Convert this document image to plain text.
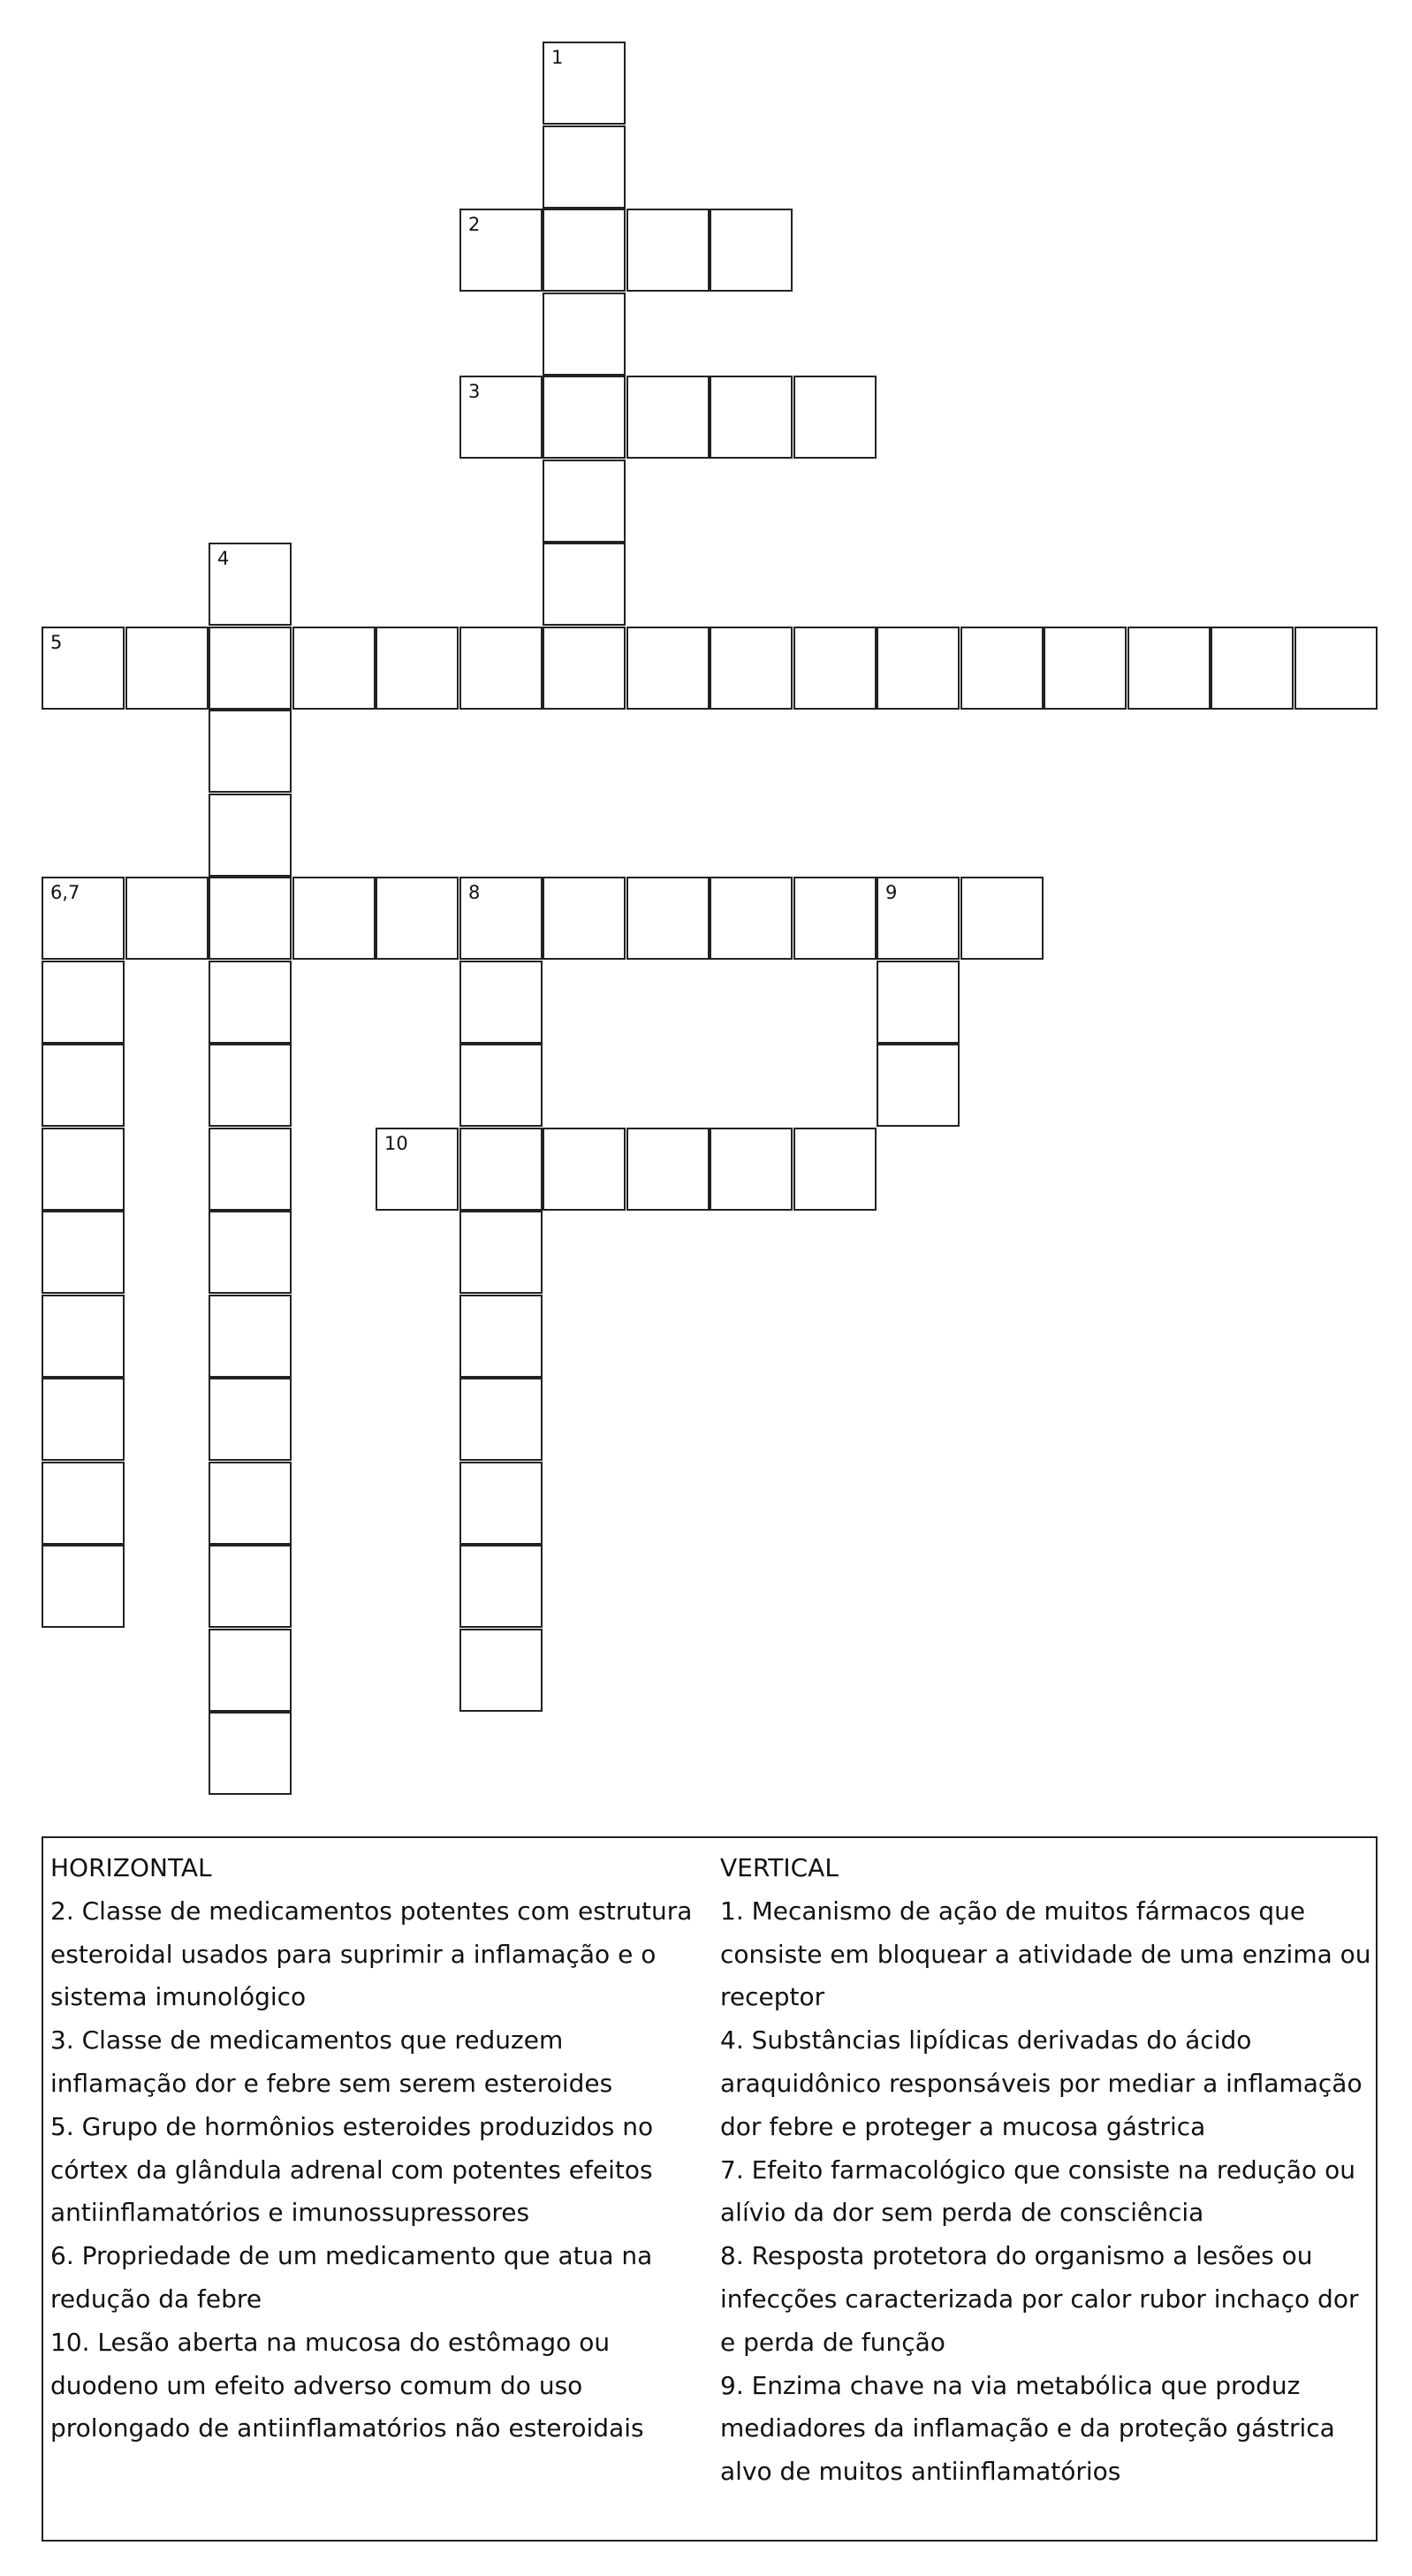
1
2
3
4
5
6,7	8	9
10
HORIZONTAL
2. Classe de medicamentos potentes com estrutura esteroidal usados para suprimir a inflamação e o sistema imunológico
3. Classe de medicamentos que reduzem inflamação dor e febre sem serem esteroides
5. Grupo de hormônios esteroides produzidos no córtex da glândula adrenal com potentes efeitos antiinflamatórios e imunossupressores
6. Propriedade de um medicamento que atua na redução da febre
10. Lesão aberta na mucosa do estômago ou duodeno um efeito adverso comum do uso prolongado de antiinflamatórios não esteroidais
VERTICAL
1. Mecanismo de ação de muitos fármacos que consiste em bloquear a atividade de uma enzima ou receptor
4. Substâncias lipídicas derivadas do ácido araquidônico responsáveis por mediar a inflamação dor febre e proteger a mucosa gástrica
7. Efeito farmacológico que consiste na redução ou alívio da dor sem perda de consciência
8. Resposta protetora do organismo a lesões ou infecções caracterizada por calor rubor inchaço dor e perda de função
9. Enzima chave na via metabólica que produz mediadores da inflamação e da proteção gástrica alvo de muitos antiinflamatórios
